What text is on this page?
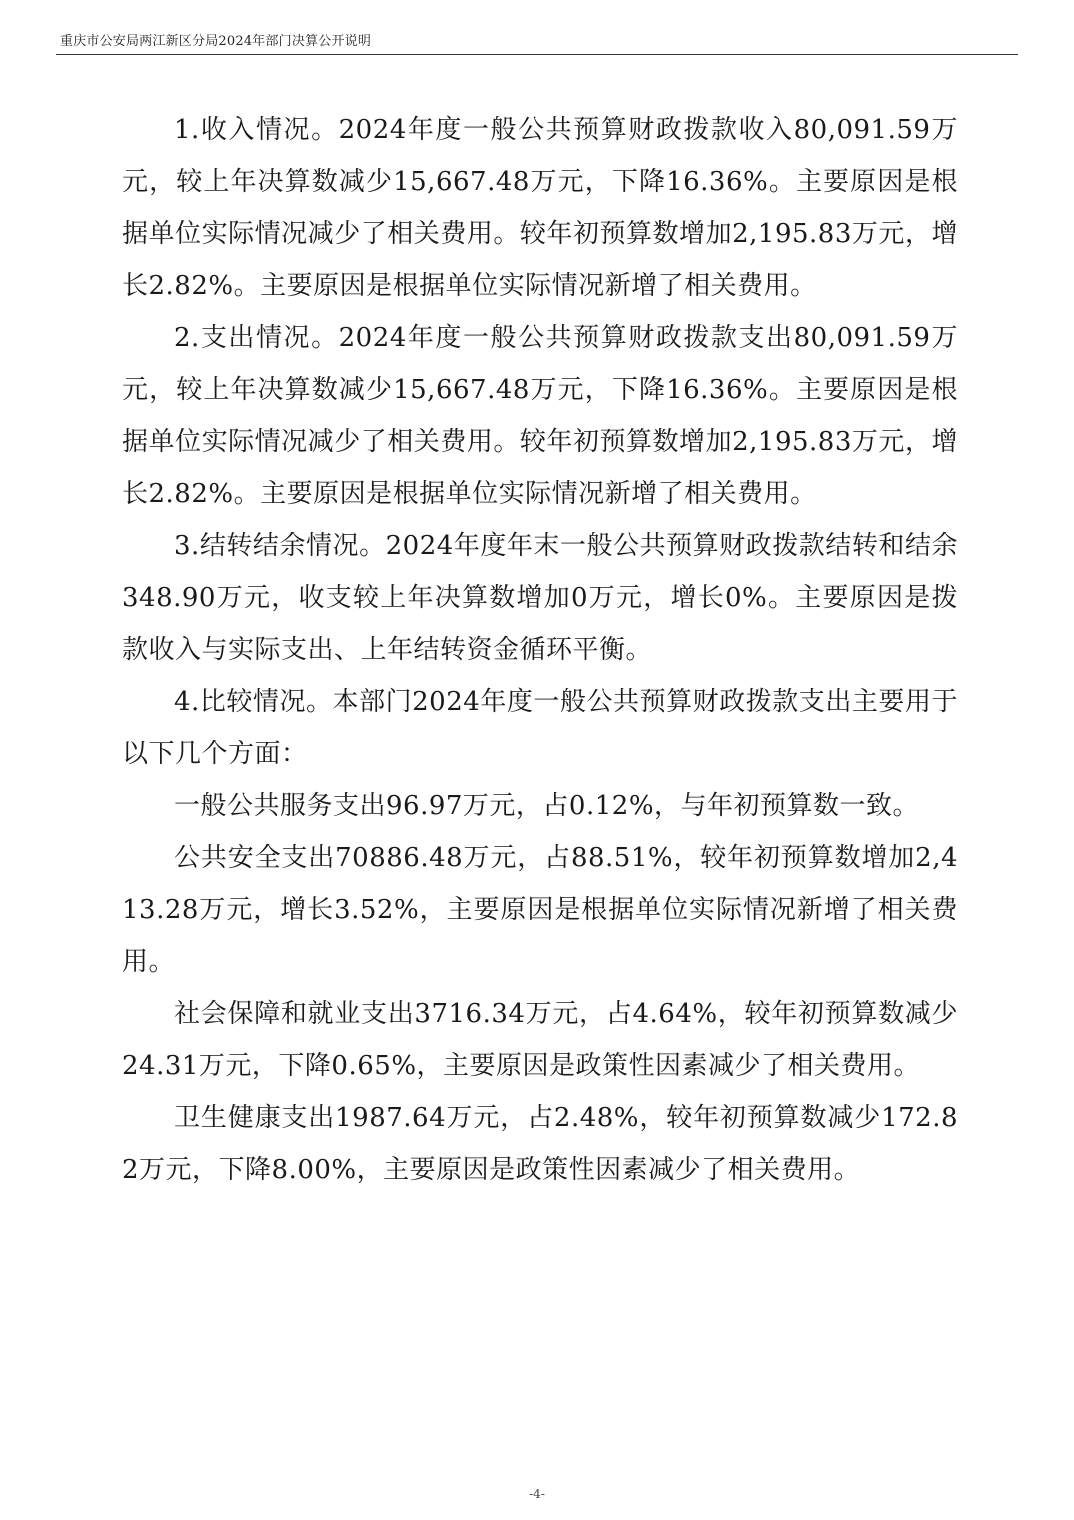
重庆市公安局两江新区分局2024年部门决算公开说明

1.收入情况。2024年度一般公共预算财政拨款收入80,091.59万元，较上年决算数减少15,667.48万元，下降16.36%。主要原因是根据单位实际情况减少了相关费用。较年初预算数增加2,195.83万元，增长2.82%。主要原因是根据单位实际情况新增了相关费用。

2.支出情况。2024年度一般公共预算财政拨款支出80,091.59万元，较上年决算数减少15,667.48万元，下降16.36%。主要原因是根据单位实际情况减少了相关费用。较年初预算数增加2,195.83万元，增长2.82%。主要原因是根据单位实际情况新增了相关费用。

3.结转结余情况。2024年度年末一般公共预算财政拨款结转和结余348.90万元，收支较上年决算数增加0万元，增长0%。主要原因是拨款收入与实际支出、上年结转资金循环平衡。

4.比较情况。本部门2024年度一般公共预算财政拨款支出主要用于以下几个方面：

一般公共服务支出96.97万元，占0.12%，与年初预算数一致。

公共安全支出70886.48万元，占88.51%，较年初预算数增加2,413.28万元，增长3.52%，主要原因是根据单位实际情况新增了相关费用。

社会保障和就业支出3716.34万元，占4.64%，较年初预算数减少24.31万元，下降0.65%，主要原因是政策性因素减少了相关费用。

卫生健康支出1987.64万元，占2.48%，较年初预算数减少172.82万元，下降8.00%，主要原因是政策性因素减少了相关费用。

-4-
